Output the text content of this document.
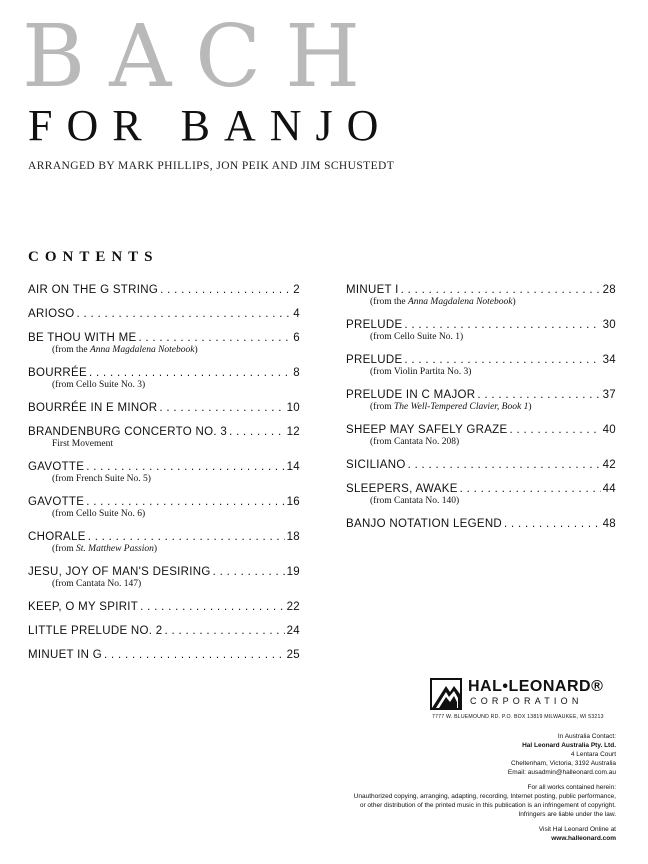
BACH
FOR BANJO
ARRANGED BY MARK PHILLIPS, JON PEIK AND JIM SCHUSTEDT
CONTENTS
AIR ON THE G STRING . . .	2
ARIOSO . . .	4
BE THOU WITH ME . . .	6
(from the Anna Magdalena Notebook)
BOURRÉE . . .	8
(from Cello Suite No. 3)
BOURRÉE IN E MINOR . . .	10
BRANDENBURG CONCERTO NO. 3 . . .	12
First Movement
GAVOTTE . . .	14
(from French Suite No. 5)
GAVOTTE . . .	16
(from Cello Suite No. 6)
CHORALE . . .	18
(from St. Matthew Passion)
JESU, JOY OF MAN'S DESIRING . . .	19
(from Cantata No. 147)
KEEP, O MY SPIRIT . . .	22
LITTLE PRELUDE NO. 2 . . .	24
MINUET IN G . . .	25
MINUET I . . .	28
(from the Anna Magdalena Notebook)
PRELUDE . . .	30
(from Cello Suite No. 1)
PRELUDE . . .	34
(from Violin Partita No. 3)
PRELUDE IN C MAJOR . . .	37
(from The Well-Tempered Clavier, Book 1)
SHEEP MAY SAFELY GRAZE . . .	40
(from Cantata No. 208)
SICILIANO . . .	42
SLEEPERS, AWAKE . . .	44
(from Cantata No. 140)
BANJO NOTATION LEGEND . . .	48
HAL•LEONARD®
CORPORATION
7777 W. BLUEMOUND RD. P.O. BOX 13819 MILWAUKEE, WI 53213
In Australia Contact:
Hal Leonard Australia Pty. Ltd.
4 Lentara Court
Cheltenham, Victoria, 3192 Australia
Email: ausadmin@halleonard.com.au
For all works contained herein:
Unauthorized copying, arranging, adapting, recording, Internet posting, public performance,
or other distribution of the printed music in this publication is an infringement of copyright.
Infringers are liable under the law.
Visit Hal Leonard Online at
www.halleonard.com
